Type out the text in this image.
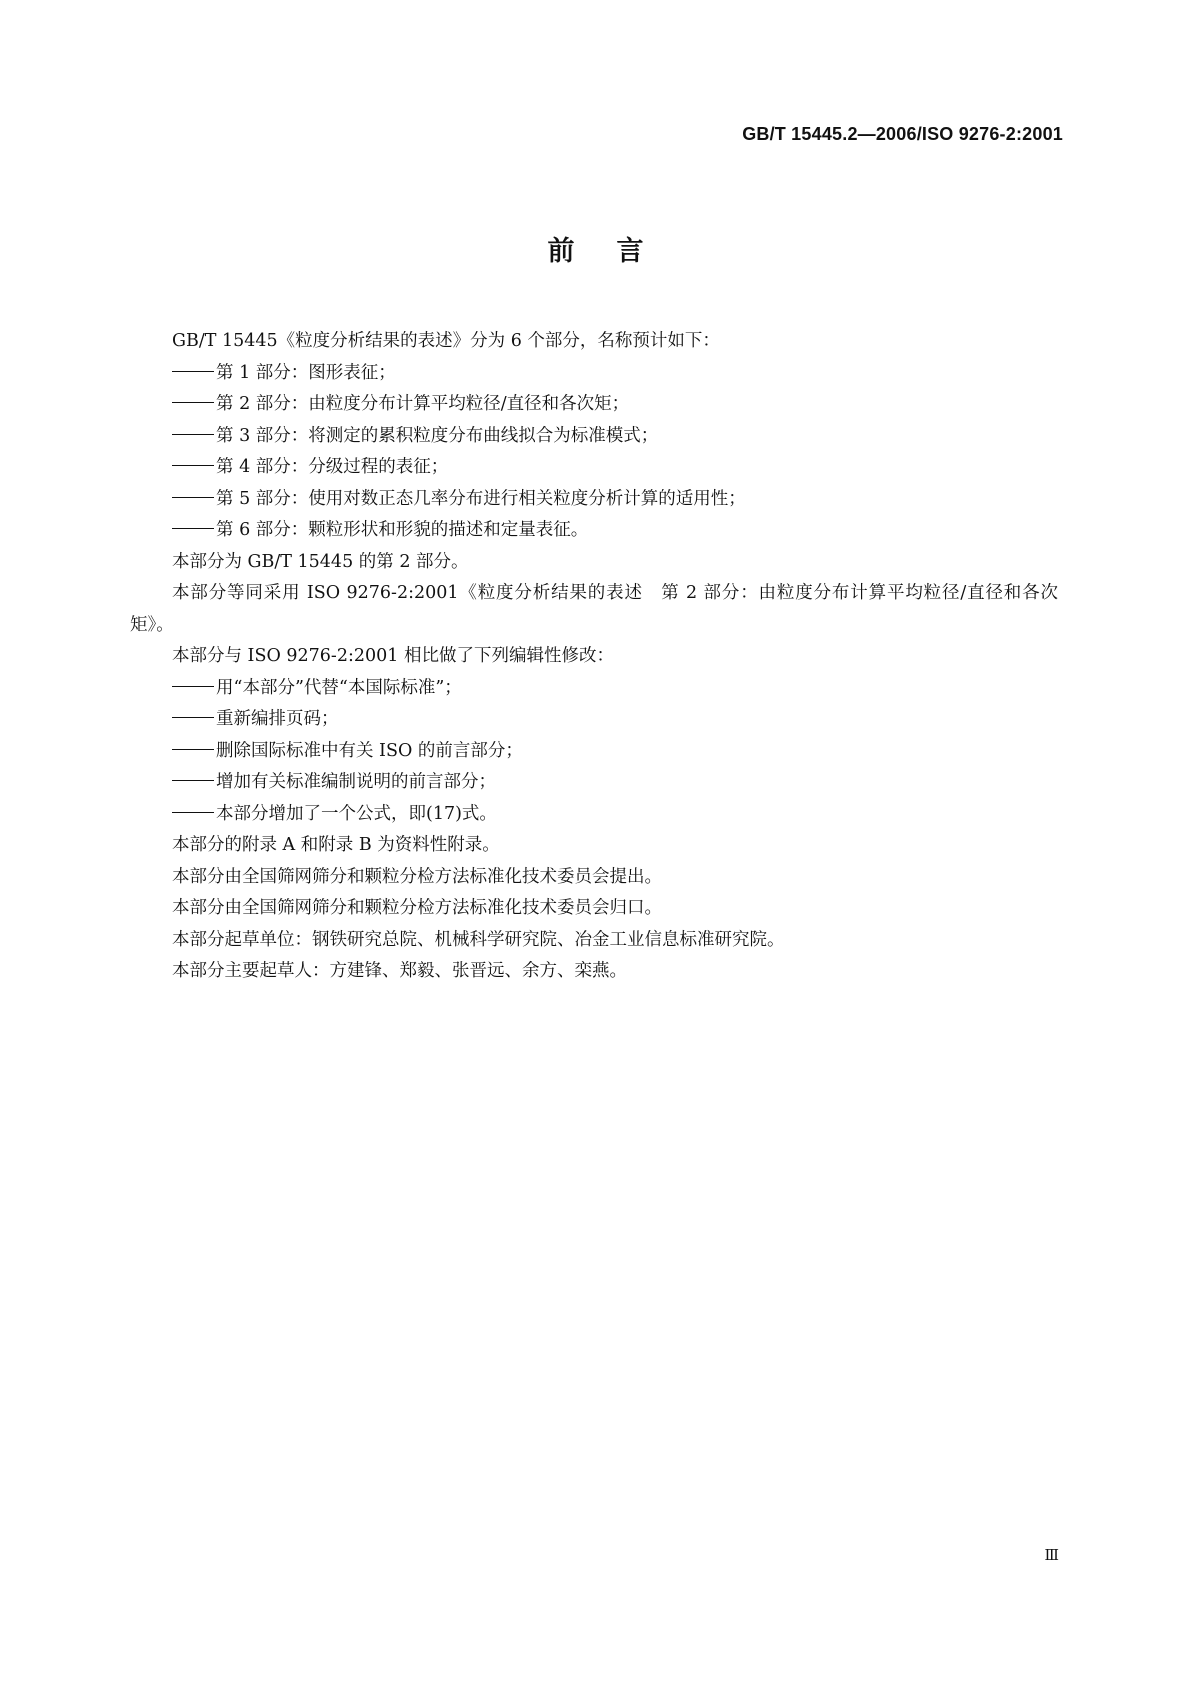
GB/T 15445.2—2006/ISO 9276-2:2001
前言

GB/T 15445《粒度分析结果的表述》分为 6 个部分，名称预计如下：

第 1 部分：图形表征；

第 2 部分：由粒度分布计算平均粒径/直径和各次矩；

第 3 部分：将测定的累积粒度分布曲线拟合为标准模式；

第 4 部分：分级过程的表征；

第 5 部分：使用对数正态几率分布进行相关粒度分析计算的适用性；

第 6 部分：颗粒形状和形貌的描述和定量表征。

本部分为 GB/T 15445 的第 2 部分。

本部分等同采用 ISO 9276-2:2001《粒度分析结果的表述　第 2 部分：由粒度分布计算平均粒径/直径和各次矩》。

本部分与 ISO 9276-2:2001 相比做了下列编辑性修改：

用“本部分”代替“本国际标准”；

重新编排页码；

删除国际标准中有关 ISO 的前言部分；

增加有关标准编制说明的前言部分；

本部分增加了一个公式，即(17)式。

本部分的附录 A 和附录 B 为资料性附录。

本部分由全国筛网筛分和颗粒分检方法标准化技术委员会提出。

本部分由全国筛网筛分和颗粒分检方法标准化技术委员会归口。

本部分起草单位：钢铁研究总院、机械科学研究院、冶金工业信息标准研究院。

本部分主要起草人：方建锋、郑毅、张晋远、余方、栾燕。

Ⅲ
